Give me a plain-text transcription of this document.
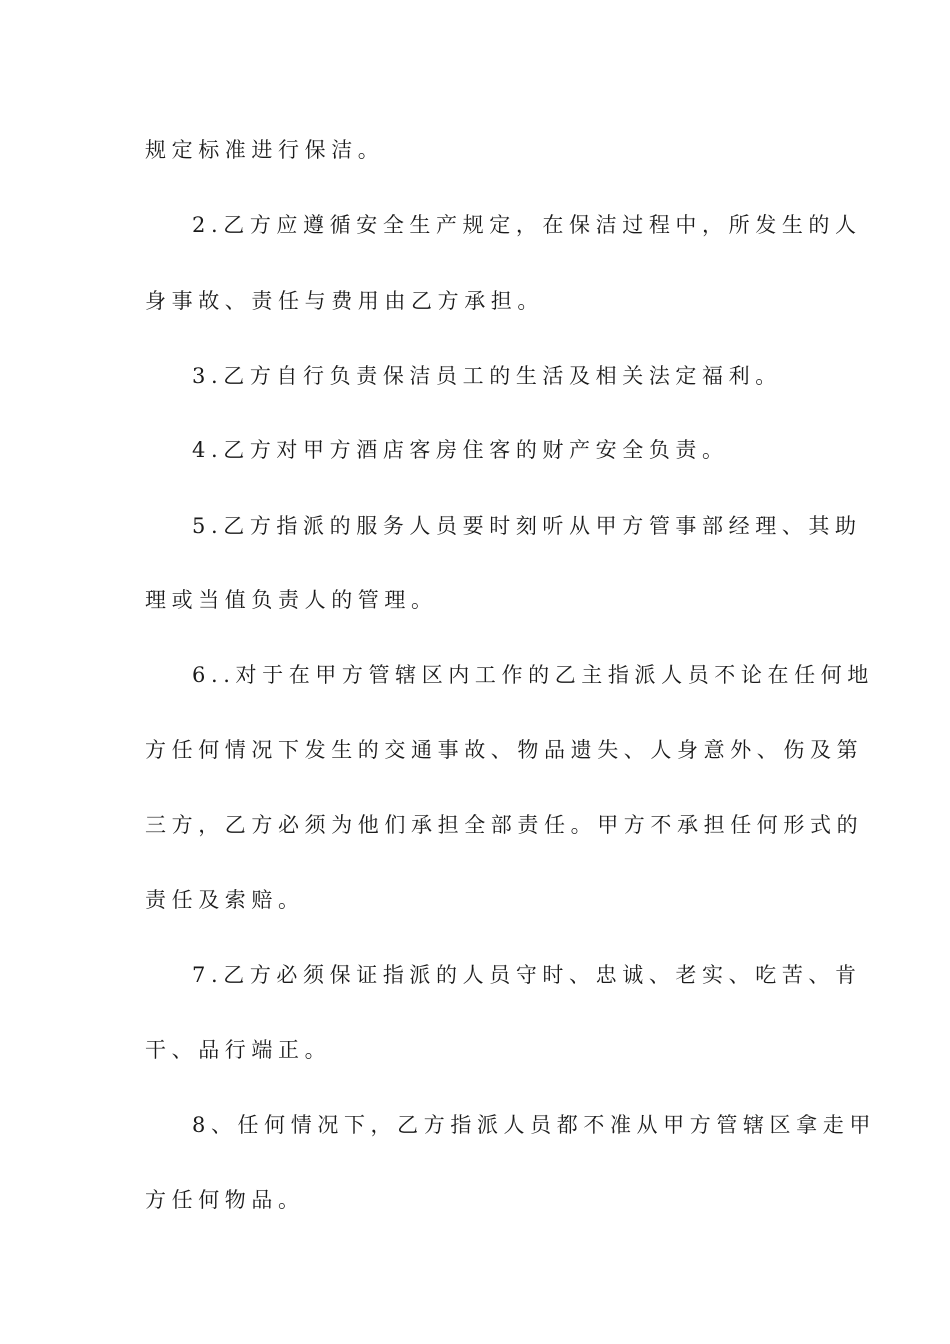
规定标准进行保洁。
2.乙方应遵循安全生产规定，在保洁过程中，所发生的人
身事故、责任与费用由乙方承担。
3.乙方自行负责保洁员工的生活及相关法定福利。
4.乙方对甲方酒店客房住客的财产安全负责。
5.乙方指派的服务人员要时刻听从甲方管事部经理、其助
理或当值负责人的管理。
6..对于在甲方管辖区内工作的乙主指派人员不论在任何地
方任何情况下发生的交通事故、物品遗失、人身意外、伤及第
三方，乙方必须为他们承担全部责任。甲方不承担任何形式的
责任及索赔。
7.乙方必须保证指派的人员守时、忠诚、老实、吃苦、肯
干、品行端正。
8、任何情况下，乙方指派人员都不准从甲方管辖区拿走甲
方任何物品。
